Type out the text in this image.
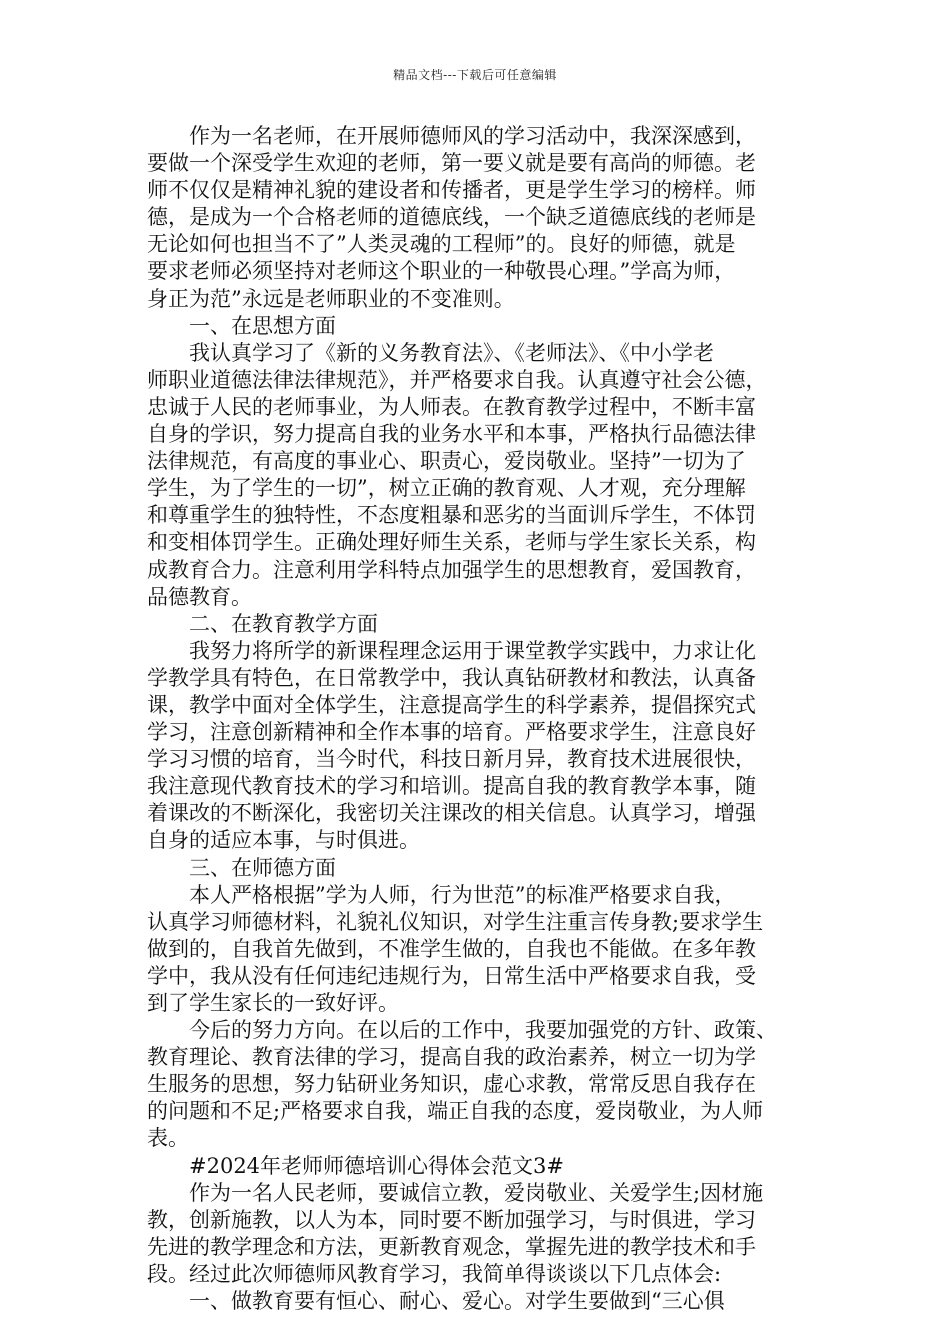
精品文档---下载后可任意编辑
作为一名老师，在开展师德师风的学习活动中，我深深感到，
要做一个深受学生欢迎的老师，第一要义就是要有高尚的师德。老
师不仅仅是精神礼貌的建设者和传播者，更是学生学习的榜样。师
德，是成为一个合格老师的道德底线，一个缺乏道德底线的老师是
无论如何也担当不了”人类灵魂的工程师”的。良好的师德，就是
要求老师必须坚持对老师这个职业的一种敬畏心理。”学高为师，
身正为范”永远是老师职业的不变准则。
一、在思想方面
我认真学习了《新的义务教育法》、《老师法》、《中小学老
师职业道德法律法律规范》，并严格要求自我。认真遵守社会公德，
忠诚于人民的老师事业，为人师表。在教育教学过程中，不断丰富
自身的学识，努力提高自我的业务水平和本事，严格执行品德法律
法律规范，有高度的事业心、职责心，爱岗敬业。坚持”一切为了
学生，为了学生的一切”，树立正确的教育观、人才观，充分理解
和尊重学生的独特性，不态度粗暴和恶劣的当面训斥学生，不体罚
和变相体罚学生。正确处理好师生关系，老师与学生家长关系，构
成教育合力。注意利用学科特点加强学生的思想教育，爱国教育，
品德教育。
二、在教育教学方面
我努力将所学的新课程理念运用于课堂教学实践中，力求让化
学教学具有特色，在日常教学中，我认真钻研教材和教法，认真备
课，教学中面对全体学生，注意提高学生的科学素养，提倡探究式
学习，注意创新精神和全作本事的培育。严格要求学生，注意良好
学习习惯的培育，当今时代，科技日新月异，教育技术进展很快，
我注意现代教育技术的学习和培训。提高自我的教育教学本事，随
着课改的不断深化，我密切关注课改的相关信息。认真学习，增强
自身的适应本事，与时俱进。
三、在师德方面
本人严格根据”学为人师，行为世范”的标准严格要求自我，
认真学习师德材料，礼貌礼仪知识，对学生注重言传身教;要求学生
做到的，自我首先做到，不准学生做的，自我也不能做。在多年教
学中，我从没有任何违纪违规行为，日常生活中严格要求自我，受
到了学生家长的一致好评。
今后的努力方向。在以后的工作中，我要加强党的方针、政策、
教育理论、教育法律的学习，提高自我的政治素养，树立一切为学
生服务的思想，努力钻研业务知识，虚心求教，常常反思自我存在
的问题和不足;严格要求自我，端正自我的态度，爱岗敬业，为人师
表。
#2024年老师师德培训心得体会范文3#
作为一名人民老师，要诚信立教，爱岗敬业、关爱学生;因材施
教，创新施教，以人为本，同时要不断加强学习，与时俱进，学习
先进的教学理念和方法，更新教育观念，掌握先进的教学技术和手
段。经过此次师德师风教育学习，我简单得谈谈以下几点体会:
一、做教育要有恒心、耐心、爱心。对学生要做到“三心俱
